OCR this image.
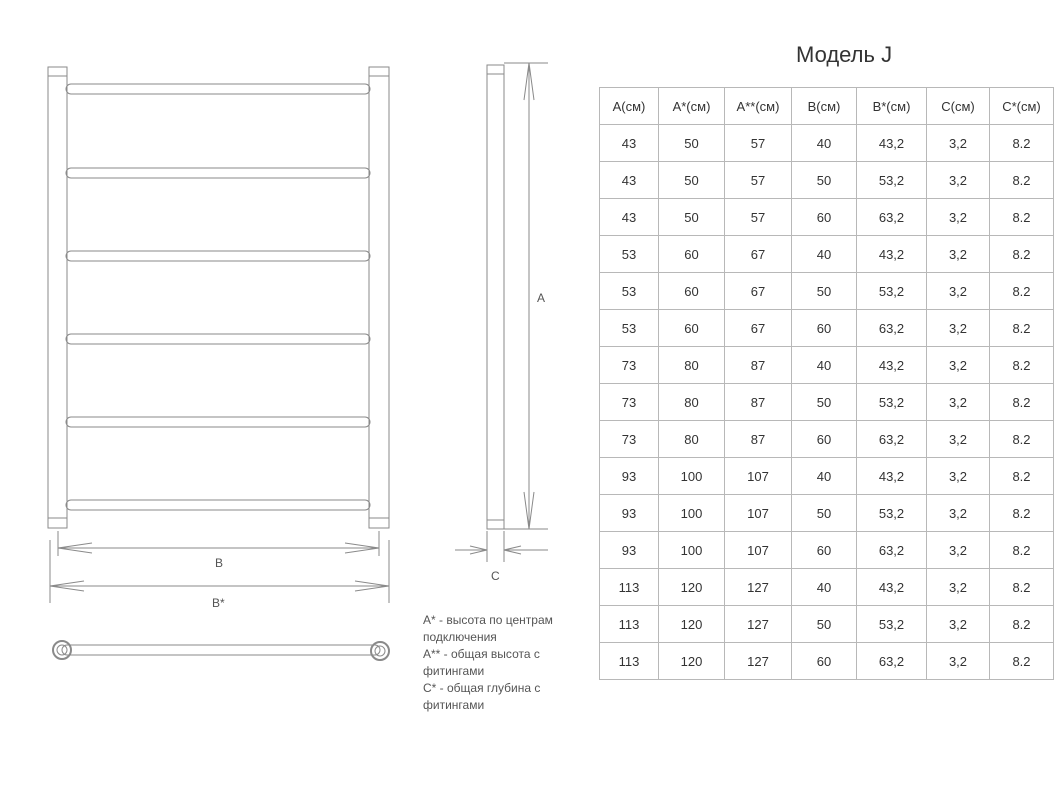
A
B
B*
C
Модель J
A(см)	A*(см)	A**(см)	B(см)	B*(см)	C(см)	C*(см)
43	50	57	40	43,2	3,2	8.2
43	50	57	50	53,2	3,2	8.2
43	50	57	60	63,2	3,2	8.2
53	60	67	40	43,2	3,2	8.2
53	60	67	50	53,2	3,2	8.2
53	60	67	60	63,2	3,2	8.2
73	80	87	40	43,2	3,2	8.2
73	80	87	50	53,2	3,2	8.2
73	80	87	60	63,2	3,2	8.2
93	100	107	40	43,2	3,2	8.2
93	100	107	50	53,2	3,2	8.2
93	100	107	60	63,2	3,2	8.2
113	120	127	40	43,2	3,2	8.2
113	120	127	50	53,2	3,2	8.2
113	120	127	60	63,2	3,2	8.2
A* - высота по центрам подключения
A** - общая высота с фитингами
C* - общая глубина с фитингами
